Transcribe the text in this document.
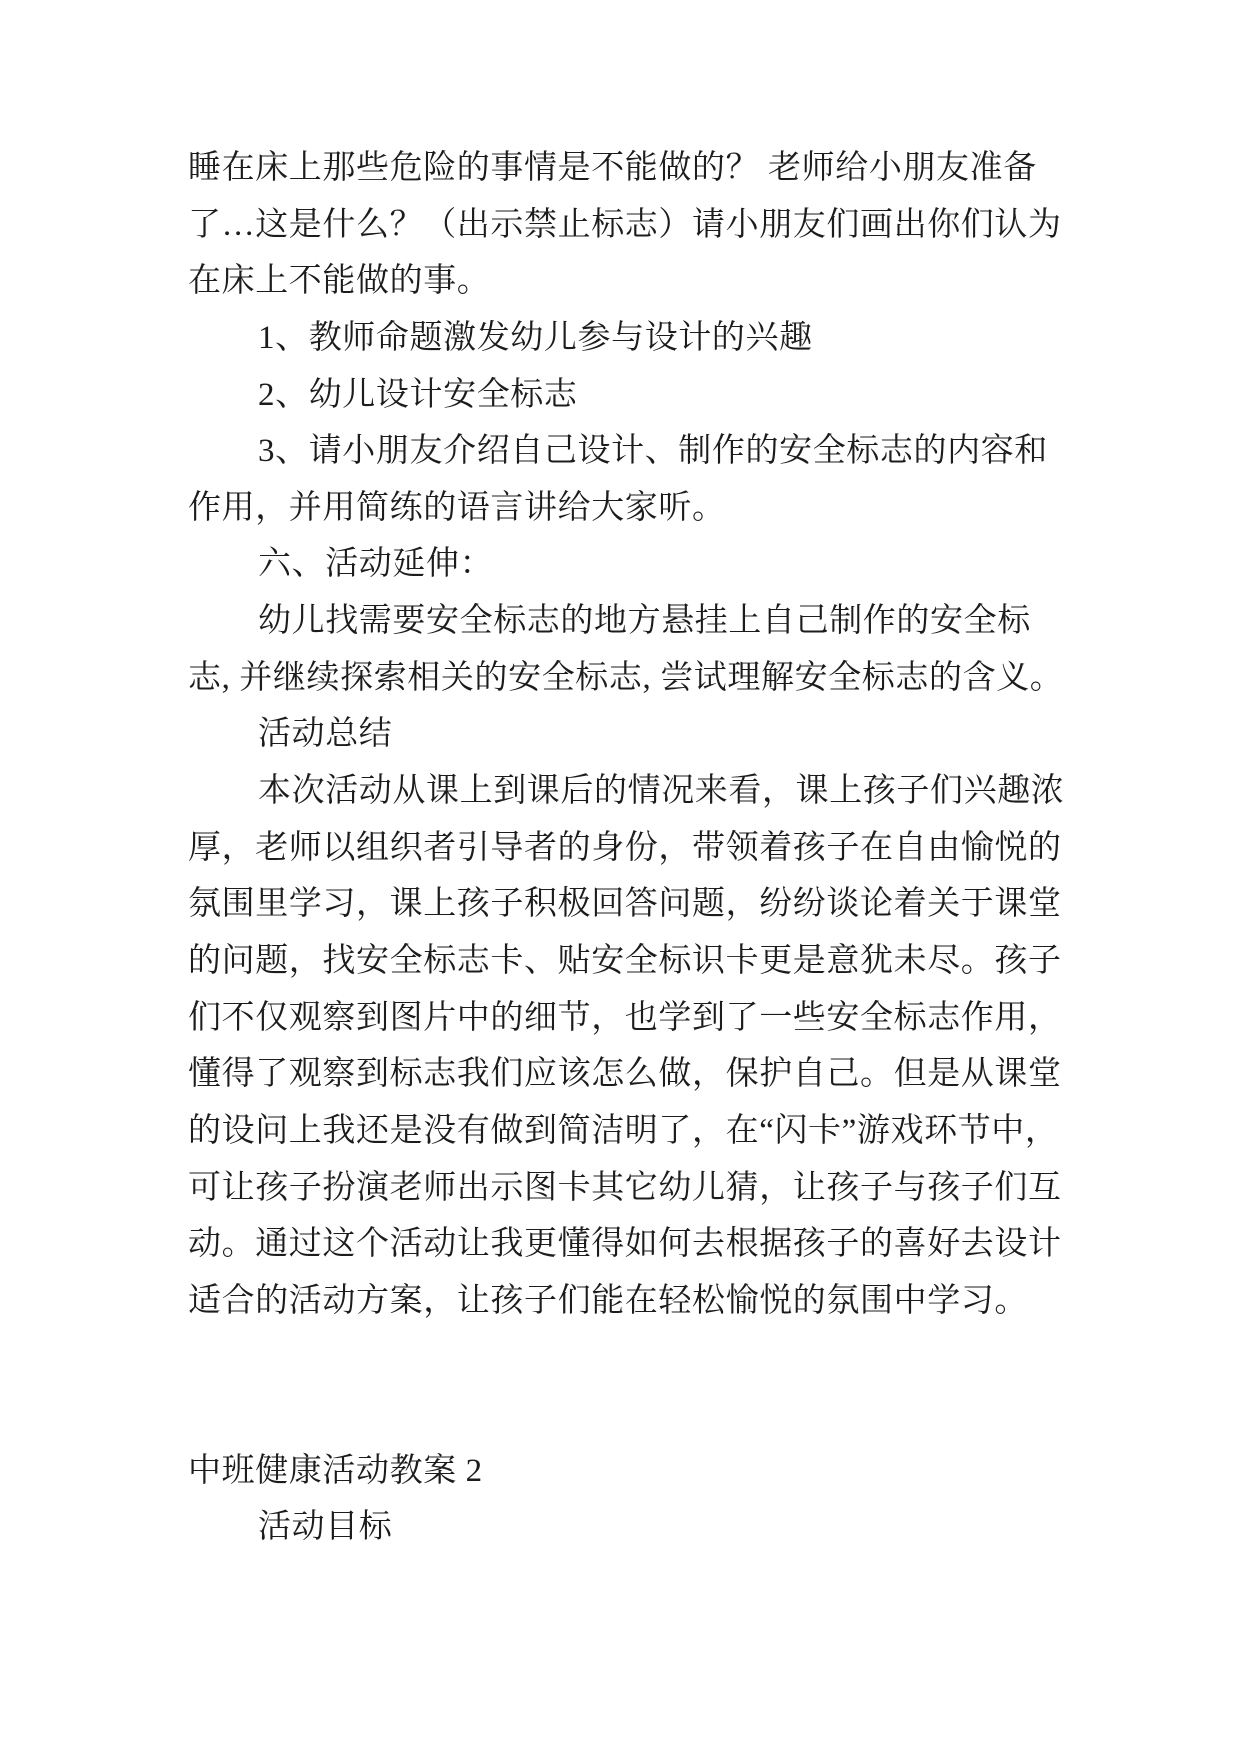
睡在床上那些危险的事情是不能做的？ 老师给小朋友准备
了…这是什么？（出示禁止标志）请小朋友们画出你们认为
在床上不能做的事。
1、教师命题激发幼儿参与设计的兴趣
2、幼儿设计安全标志
3、请小朋友介绍自己设计、制作的安全标志的内容和
作用，并用简练的语言讲给大家听。
六、活动延伸：
幼儿找需要安全标志的地方悬挂上自己制作的安全标
志, 并继续探索相关的安全标志, 尝试理解安全标志的含义。
活动总结
本次活动从课上到课后的情况来看，课上孩子们兴趣浓
厚，老师以组织者引导者的身份，带领着孩子在自由愉悦的
氛围里学习，课上孩子积极回答问题，纷纷谈论着关于课堂
的问题，找安全标志卡、贴安全标识卡更是意犹未尽。孩子
们不仅观察到图片中的细节，也学到了一些安全标志作用，
懂得了观察到标志我们应该怎么做，保护自己。但是从课堂
的设问上我还是没有做到简洁明了，在“闪卡”游戏环节中，
可让孩子扮演老师出示图卡其它幼儿猜，让孩子与孩子们互
动。通过这个活动让我更懂得如何去根据孩子的喜好去设计
适合的活动方案，让孩子们能在轻松愉悦的氛围中学习。
中班健康活动教案 2
活动目标
